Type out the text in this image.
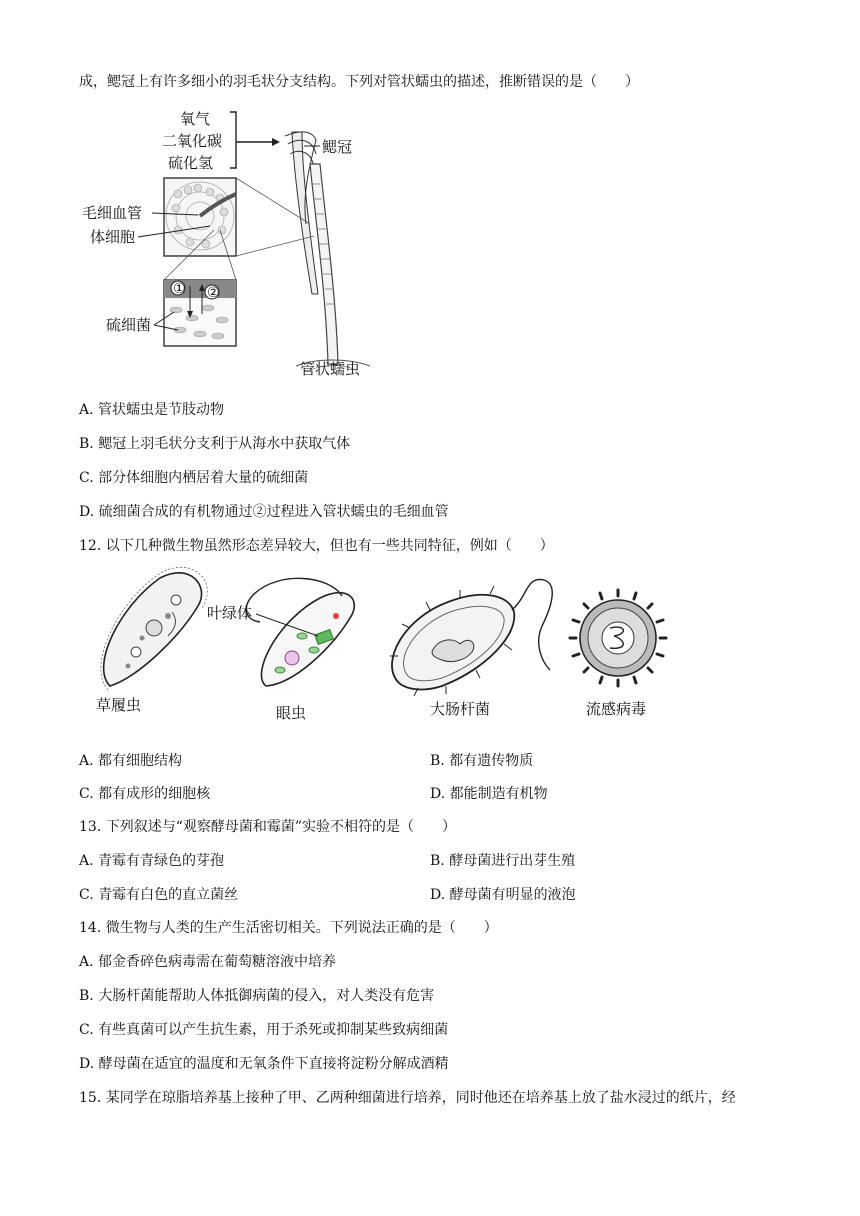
成，鳃冠上有许多细小的羽毛状分支结构。下列对管状蠕虫的描述，推断错误的是（　　）
氧气
二氧化碳
硫化氢
鳃冠
毛细血管
体细胞
① ②
硫细菌
管状蠕虫
A. 管状蠕虫是节肢动物
B. 鳃冠上羽毛状分支利于从海水中获取气体
C. 部分体细胞内栖居着大量的硫细菌
D. 硫细菌合成的有机物通过②过程进入管状蠕虫的毛细血管
12. 以下几种微生物虽然形态差异较大，但也有一些共同特征，例如（　　）
草履虫
叶绿体
眼虫	大肠杆菌	流感病毒
A. 都有细胞结构	B. 都有遗传物质
C. 都有成形的细胞核	D. 都能制造有机物
13. 下列叙述与“观察酵母菌和霉菌”实验不相符的是（　　）
A. 青霉有青绿色的芽孢	B. 酵母菌进行出芽生殖
C. 青霉有白色的直立菌丝	D. 酵母菌有明显的液泡
14. 微生物与人类的生产生活密切相关。下列说法正确的是（　　）
A. 郁金香碎色病毒需在葡萄糖溶液中培养
B. 大肠杆菌能帮助人体抵御病菌的侵入，对人类没有危害
C. 有些真菌可以产生抗生素，用于杀死或抑制某些致病细菌
D. 酵母菌在适宜的温度和无氧条件下直接将淀粉分解成酒精
15. 某同学在琼脂培养基上接种了甲、乙两种细菌进行培养，同时他还在培养基上放了盐水浸过的纸片，经
